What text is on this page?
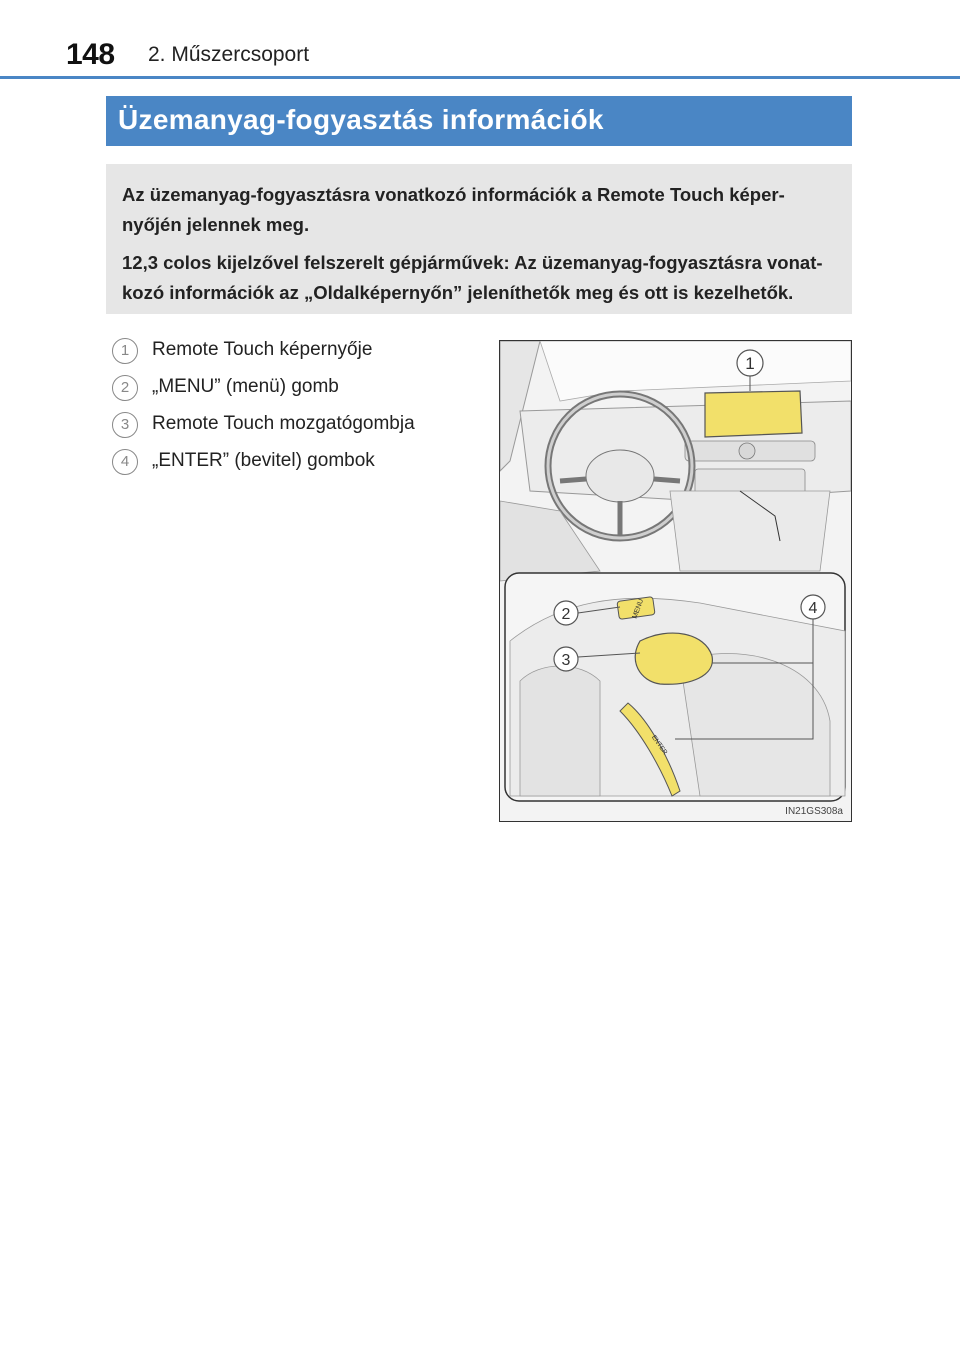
148 2. Műszercsoport
Üzemanyag-fogyasztás információk

Az üzemanyag-fogyasztásra vonatkozó információk a Remote Touch képer-nyőjén jelennek meg.

12,3 colos kijelzővel felszerelt gépjárművek: Az üzemanyag-fogyasztásra vonat-kozó információk az „Oldalképernyőn” jeleníthetők meg és ott is kezelhetők.

1	Remote Touch képernyője
2	„MENU” (menü) gomb
3	Remote Touch mozgatógombja
4	„ENTER” (bevitel) gombok
1
MENU
ENTER
2
3
4
IN21GS308a
